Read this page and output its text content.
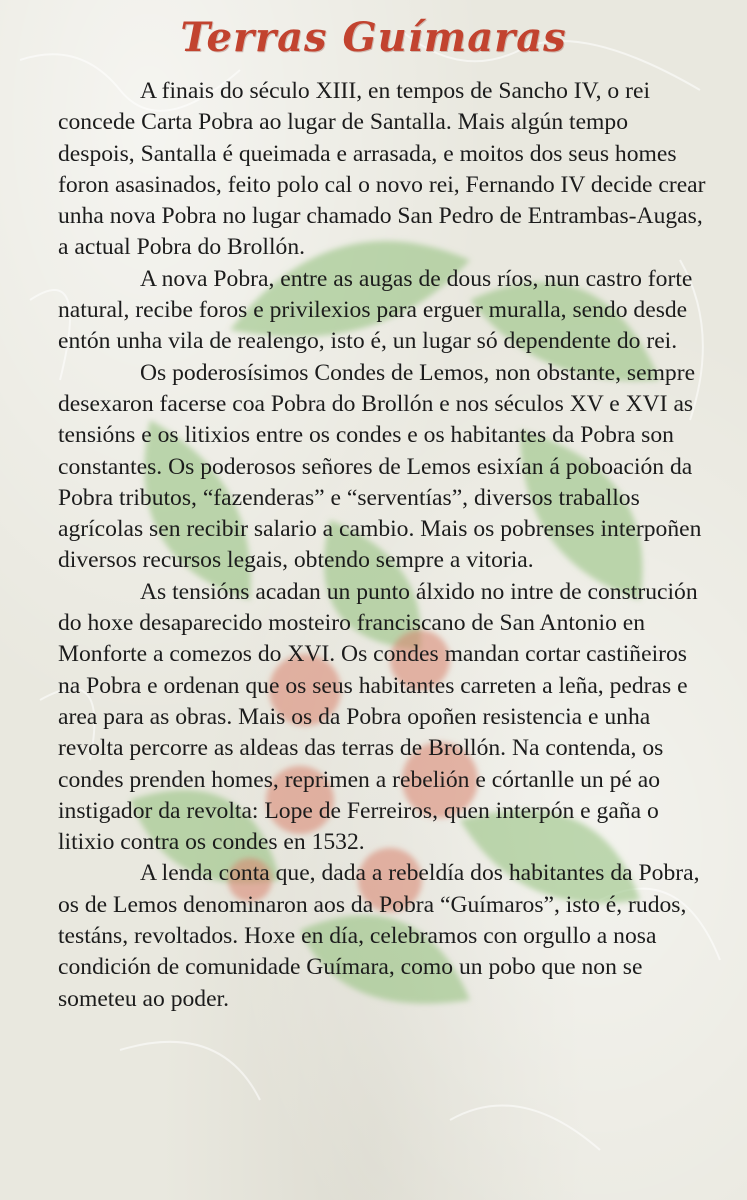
Terras Guímaras

A finais do século XIII, en tempos de Sancho IV, o rei concede Carta Pobra ao lugar de Santalla. Mais algún tempo despois, Santalla é queimada e arrasada, e moitos dos seus homes foron asasinados, feito polo cal o novo rei, Fernando IV decide crear unha nova Pobra no lugar chamado San Pedro de Entrambas-Augas, a actual Pobra do Brollón.

A nova Pobra, entre as augas de dous ríos, nun castro forte natural, recibe foros e privilexios para erguer muralla, sendo desde entón unha vila de realengo, isto é, un lugar só dependente do rei.

Os poderosísimos Condes de Lemos, non obstante, sempre desexaron facerse coa Pobra do Brollón e nos séculos XV e XVI as tensións e os litixios entre os condes e os habitantes da Pobra son constantes. Os poderosos señores de Lemos esixían á poboación da Pobra tributos, “fazenderas” e “serventías”, diversos traballos agrícolas sen recibir salario a cambio. Mais os pobrenses interpoñen diversos recursos legais, obtendo sempre a vitoria.

As tensións acadan un punto álxido no intre de construción do hoxe desaparecido mosteiro franciscano de San Antonio en Monforte a comezos do XVI. Os condes mandan cortar castiñeiros na Pobra e ordenan que os seus habitantes carreten a leña, pedras e area para as obras. Mais os da Pobra opoñen resistencia e unha revolta percorre as aldeas das terras de Brollón. Na contenda, os condes prenden homes, reprimen a rebelión e córtanlle un pé ao instigador da revolta: Lope de Ferreiros, quen interpón e gaña o litixio contra os condes en 1532.

A lenda conta que, dada a rebeldía dos habitantes da Pobra, os de Lemos denominaron aos da Pobra “Guímaros”, isto é, rudos, testáns, revoltados. Hoxe en día, celebramos con orgullo a nosa condición de comunidade Guímara, como un pobo que non se someteu ao poder.
